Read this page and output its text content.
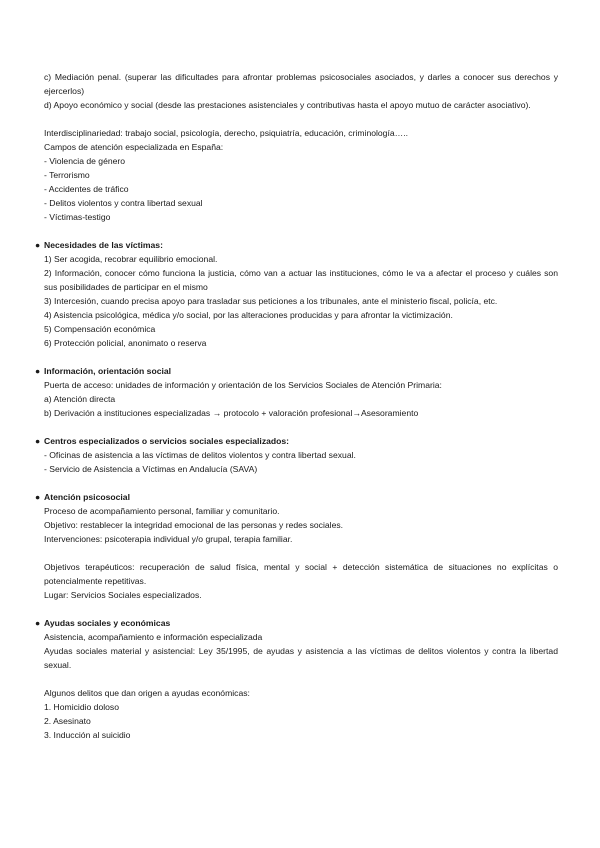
c) Mediación penal. (superar las dificultades para afrontar problemas psicosociales asociados, y darles a conocer sus derechos y ejercerlos)

d) Apoyo económico y social (desde las prestaciones asistenciales y contributivas hasta el apoyo mutuo de carácter asociativo).

Interdisciplinariedad: trabajo social, psicología, derecho, psiquiatría, educación, criminología…..

Campos de atención especializada en España:

- Violencia de género
- Terrorismo
- Accidentes de tráfico
- Delitos violentos y contra libertad sexual
- Víctimas-testigo
● Necesidades de las víctimas:

1) Ser acogida, recobrar equilibrio emocional.

2) Información, conocer cómo funciona la justicia, cómo van a actuar las instituciones, cómo le va a afectar el proceso y cuáles son sus posibilidades de participar en el mismo

3) Intercesión, cuando precisa apoyo para trasladar sus peticiones a los tribunales, ante el ministerio fiscal, policía, etc.

4) Asistencia psicológica, médica y/o social, por las alteraciones producidas y para afrontar la victimización.

5) Compensación económica

6) Protección policial, anonimato o reserva

● Información, orientación social

Puerta de acceso: unidades de información y orientación de los Servicios Sociales de Atención Primaria:

a) Atención directa

b) Derivación a instituciones especializadas → protocolo + valoración profesional→Asesoramiento

● Centros especializados o servicios sociales especializados:

- Oficinas de asistencia a las víctimas de delitos violentos y contra libertad sexual.

- Servicio de Asistencia a Víctimas en Andalucía (SAVA)

● Atención psicosocial

Proceso de acompañamiento personal, familiar y comunitario.

Objetivo: restablecer la integridad emocional de las personas y redes sociales.

Intervenciones: psicoterapia individual y/o grupal, terapia familiar.

Objetivos terapéuticos: recuperación de salud física, mental y social + detección sistemática de situaciones no explícitas o potencialmente repetitivas.

Lugar: Servicios Sociales especializados.

● Ayudas sociales y económicas

Asistencia, acompañamiento e información especializada

Ayudas sociales material y asistencial: Ley 35/1995, de ayudas y asistencia a las víctimas de delitos violentos y contra la libertad sexual.

Algunos delitos que dan origen a ayudas económicas:

1. Homicidio doloso

2. Asesinato

3. Inducción al suicidio
